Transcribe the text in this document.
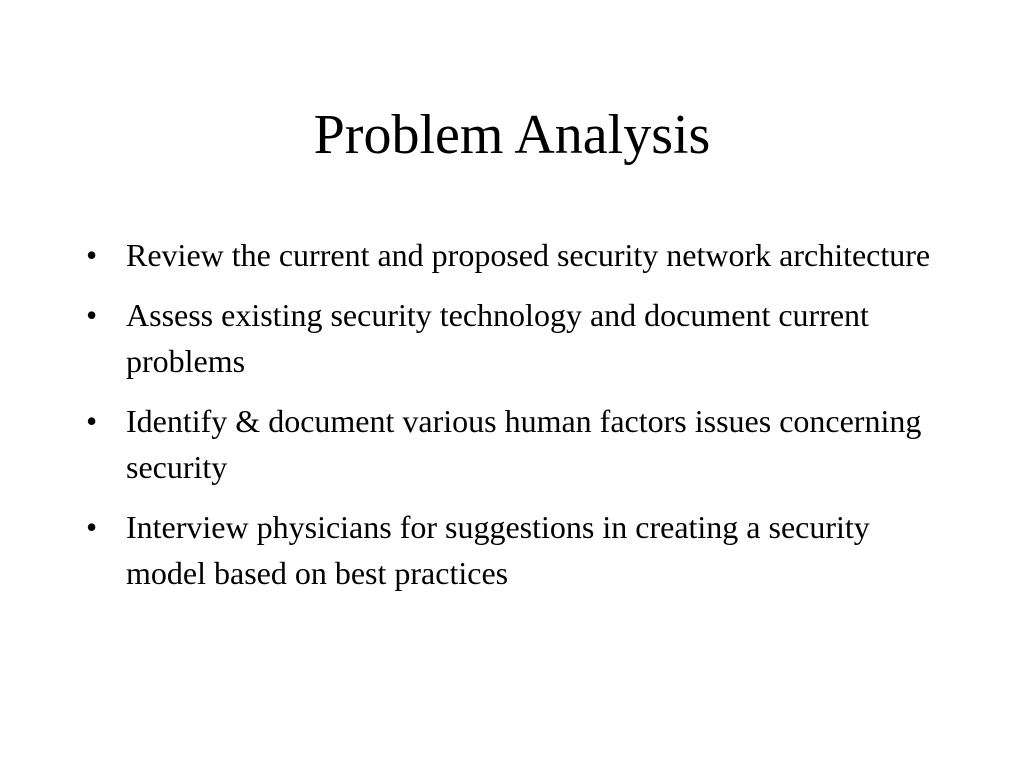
Problem Analysis
• Review the current and proposed security network architecture
• Assess existing security technology and document current problems
• Identify & document various human factors issues concerning security
• Interview physicians for suggestions in creating a security model based on best practices
